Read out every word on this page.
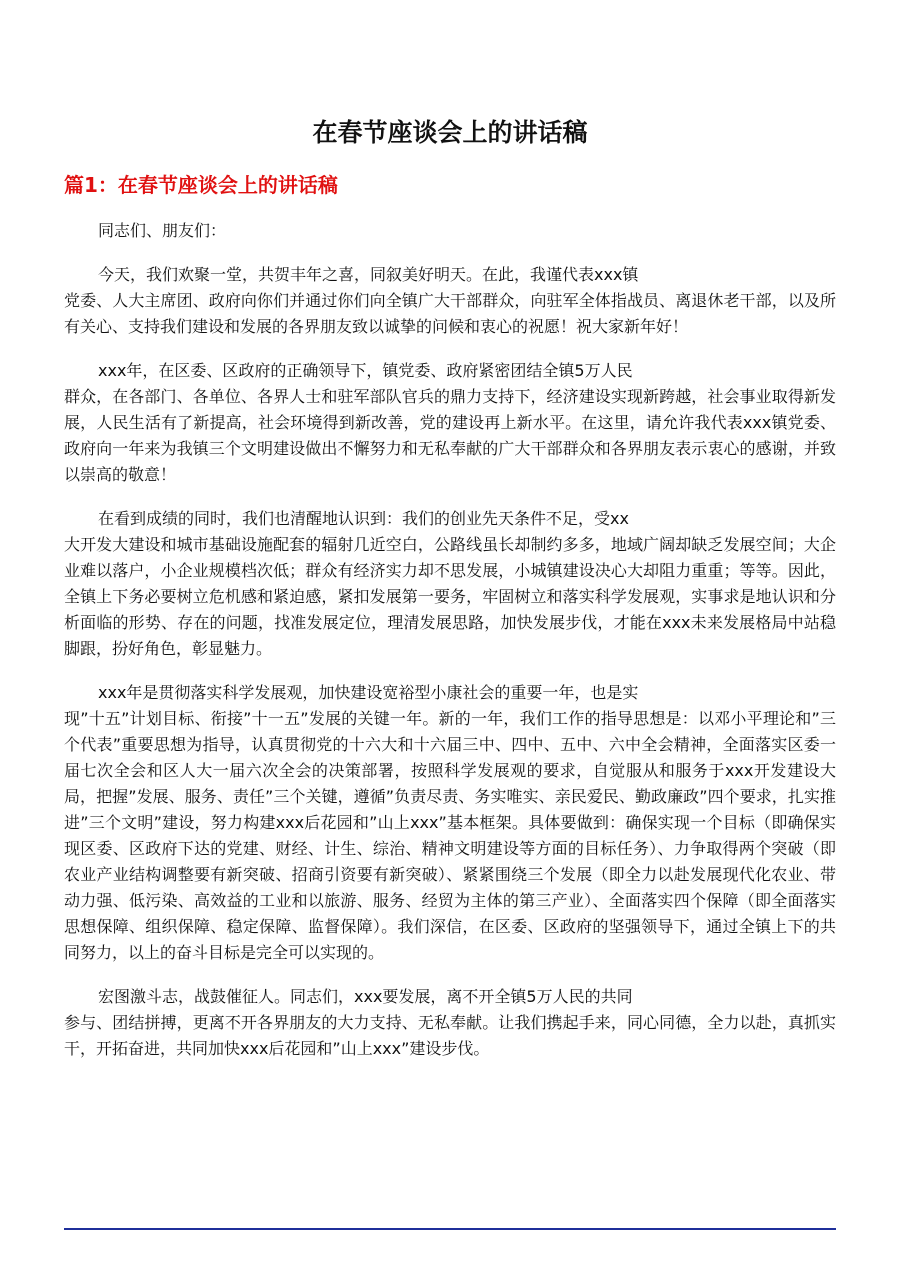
在春节座谈会上的讲话稿
篇1：在春节座谈会上的讲话稿

同志们、朋友们：

今天，我们欢聚一堂，共贺丰年之喜，同叙美好明天。在此，我谨代表xxx镇
党委、人大主席团、政府向你们并通过你们向全镇广大干部群众，向驻军全体指战员、离退休老干部，以及所有关心、支持我们建设和发展的各界朋友致以诚挚的问候和衷心的祝愿！祝大家新年好！

xxx年，在区委、区政府的正确领导下，镇党委、政府紧密团结全镇5万人民
群众，在各部门、各单位、各界人士和驻军部队官兵的鼎力支持下，经济建设实现新跨越，社会事业取得新发展，人民生活有了新提高，社会环境得到新改善，党的建设再上新水平。在这里，请允许我代表xxx镇党委、政府向一年来为我镇三个文明建设做出不懈努力和无私奉献的广大干部群众和各界朋友表示衷心的感谢，并致以崇高的敬意！

在看到成绩的同时，我们也清醒地认识到：我们的创业先天条件不足，受xx
大开发大建设和城市基础设施配套的辐射几近空白，公路线虽长却制约多多，地域广阔却缺乏发展空间；大企业难以落户，小企业规模档次低；群众有经济实力却不思发展，小城镇建设决心大却阻力重重；等等。因此，全镇上下务必要树立危机感和紧迫感，紧扣发展第一要务，牢固树立和落实科学发展观，实事求是地认识和分析面临的形势、存在的问题，找准发展定位，理清发展思路，加快发展步伐，才能在xxx未来发展格局中站稳脚跟，扮好角色，彰显魅力。

xxx年是贯彻落实科学发展观，加快建设宽裕型小康社会的重要一年，也是实
现”十五”计划目标、衔接”十一五”发展的关键一年。新的一年，我们工作的指导思想是：以邓小平理论和”三个代表”重要思想为指导，认真贯彻党的十六大和十六届三中、四中、五中、六中全会精神，全面落实区委一届七次全会和区人大一届六次全会的决策部署，按照科学发展观的要求，自觉服从和服务于xxx开发建设大局，把握”发展、服务、责任”三个关键，遵循”负责尽责、务实唯实、亲民爱民、勤政廉政”四个要求，扎实推进”三个文明”建设，努力构建xxx后花园和”山上xxx”基本框架。具体要做到：确保实现一个目标（即确保实现区委、区政府下达的党建、财经、计生、综治、精神文明建设等方面的目标任务）、力争取得两个突破（即农业产业结构调整要有新突破、招商引资要有新突破）、紧紧围绕三个发展（即全力以赴发展现代化农业、带动力强、低污染、高效益的工业和以旅游、服务、经贸为主体的第三产业）、全面落实四个保障（即全面落实思想保障、组织保障、稳定保障、监督保障）。我们深信，在区委、区政府的坚强领导下，通过全镇上下的共同努力，以上的奋斗目标是完全可以实现的。

宏图激斗志，战鼓催征人。同志们，xxx要发展，离不开全镇5万人民的共同
参与、团结拼搏，更离不开各界朋友的大力支持、无私奉献。让我们携起手来，同心同德，全力以赴，真抓实干，开拓奋进，共同加快xxx后花园和”山上xxx”建设步伐。
